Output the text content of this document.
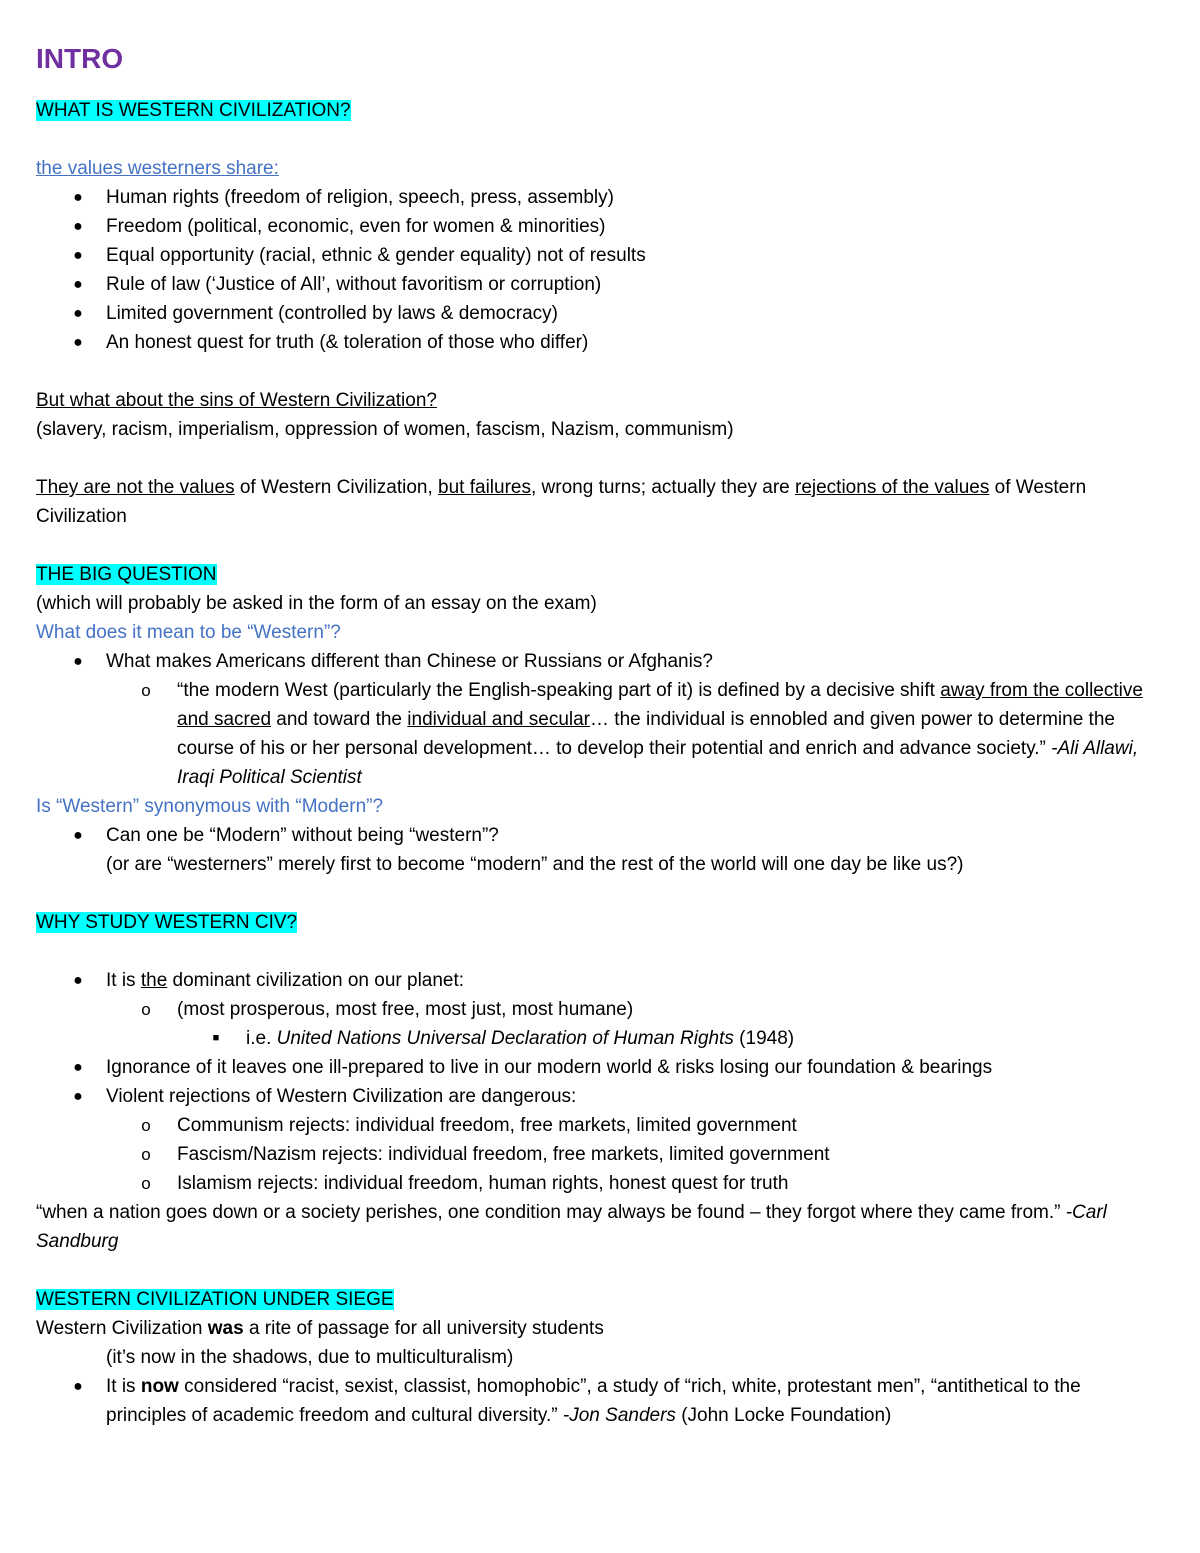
INTRO

WHAT IS WESTERN CIVILIZATION?

the values westerners share:

● Human rights (freedom of religion, speech, press, assembly)
● Freedom (political, economic, even for women & minorities)
● Equal opportunity (racial, ethnic & gender equality) not of results
● Rule of law (‘Justice of All’, without favoritism or corruption)
● Limited government (controlled by laws & democracy)
● An honest quest for truth (& toleration of those who differ)

But what about the sins of Western Civilization?

(slavery, racism, imperialism, oppression of women, fascism, Nazism, communism)

They are not the values of Western Civilization, but failures, wrong turns; actually they are rejections of the values of Western Civilization

THE BIG QUESTION

(which will probably be asked in the form of an essay on the exam)

What does it mean to be “Western”?

● What makes Americans different than Chinese or Russians or Afghanis?
o “the modern West (particularly the English-speaking part of it) is defined by a decisive shift away from the collective and sacred and toward the individual and secular… the individual is ennobled and given power to determine the course of his or her personal development… to develop their potential and enrich and advance society.” -Ali Allawi, Iraqi Political Scientist

Is “Western” synonymous with “Modern”?

● Can one be “Modern” without being “western”?
(or are “westerners” merely first to become “modern” and the rest of the world will one day be like us?)

WHY STUDY WESTERN CIV?

● It is the dominant civilization on our planet:
o (most prosperous, most free, most just, most humane)
■	i.e. United Nations Universal Declaration of Human Rights (1948)
● Ignorance of it leaves one ill-prepared to live in our modern world & risks losing our foundation & bearings
● Violent rejections of Western Civilization are dangerous:
o Communism rejects: individual freedom, free markets, limited government
o Fascism/Nazism rejects: individual freedom, free markets, limited government
o Islamism rejects: individual freedom, human rights, honest quest for truth

“when a nation goes down or a society perishes, one condition may always be found – they forgot where they came from.” -Carl Sandburg

WESTERN CIVILIZATION UNDER SIEGE

Western Civilization was a rite of passage for all university students

(it’s now in the shadows, due to multiculturalism)

● It is now considered “racist, sexist, classist, homophobic”, a study of “rich, white, protestant men”, “antithetical to the principles of academic freedom and cultural diversity.” -Jon Sanders (John Locke Foundation)
